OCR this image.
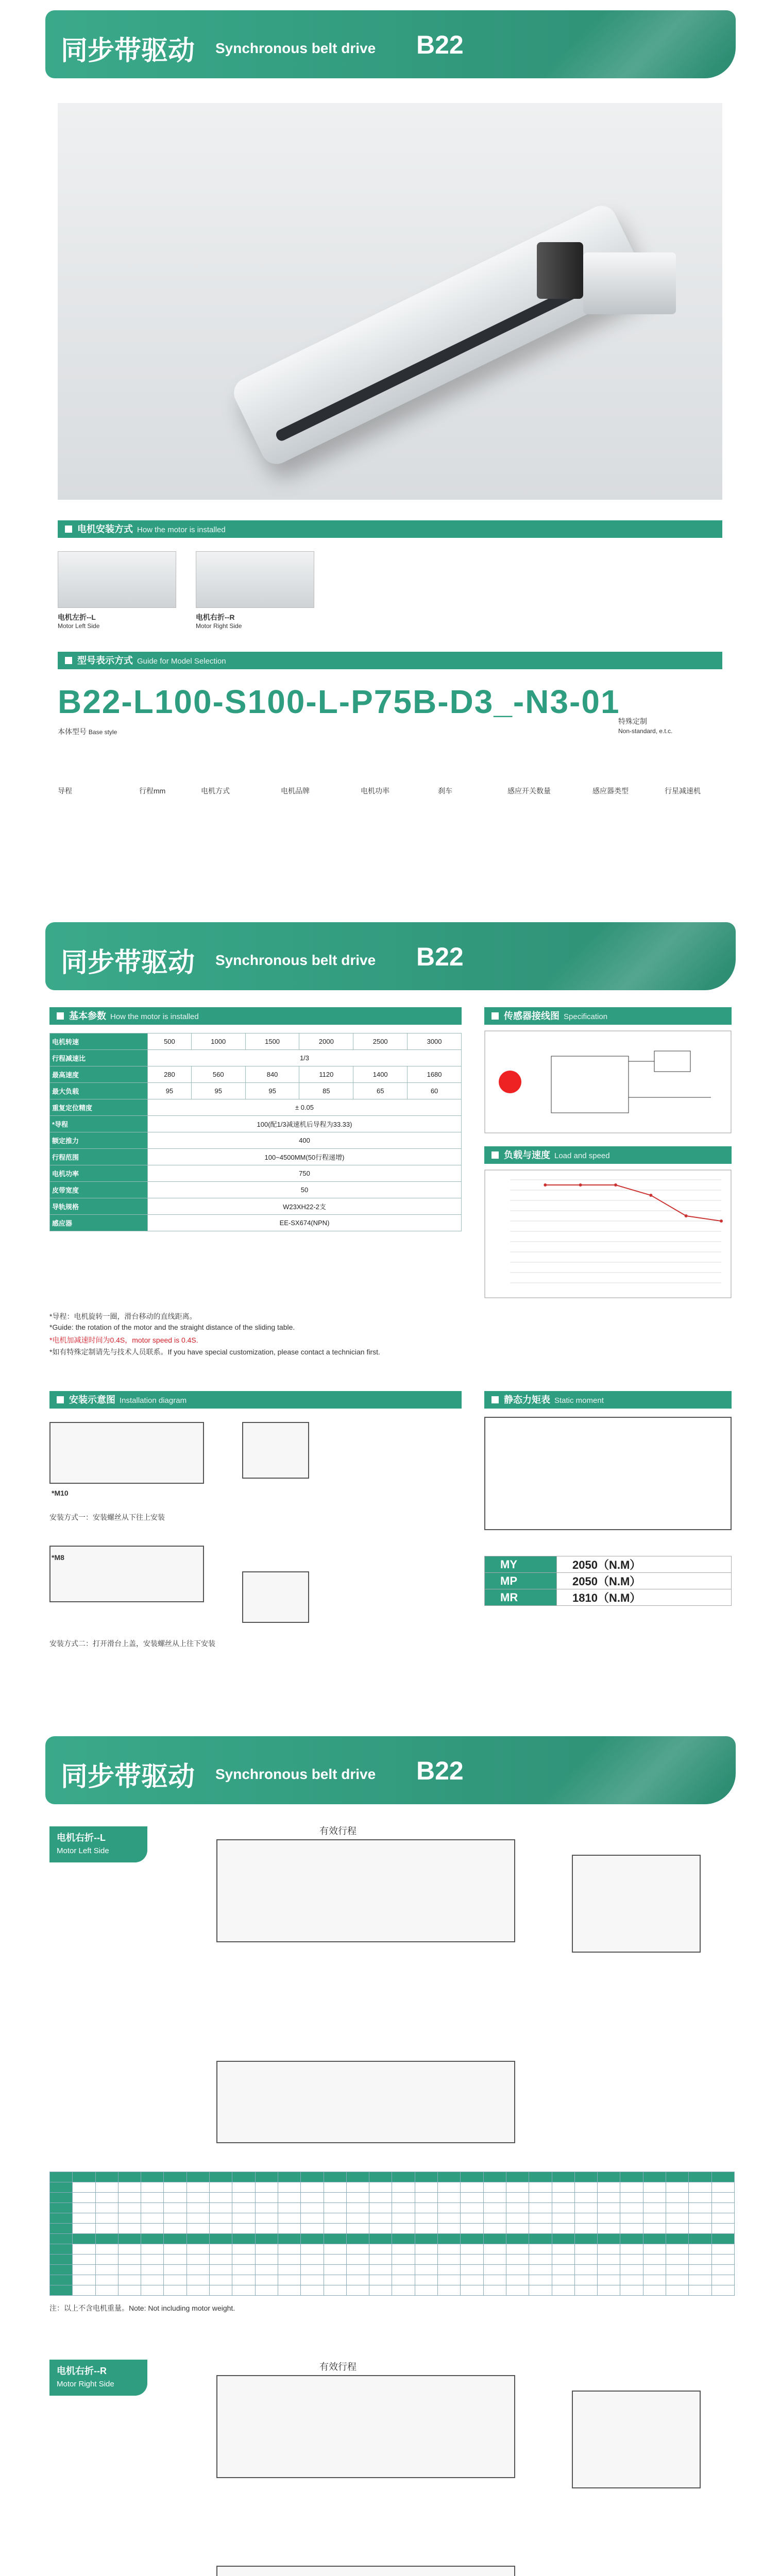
同步带驱动 Synchronous belt drive B22
电机安装方式 How the motor is installed
电机左折--L
Motor Left Side
电机右折--R
Motor Right Side
型号表示方式 Guide for Model Selection
B22-L100-S100-L-P75B-D3_-N3-01
本体型号 Base style
特殊定制
Non-standard, e.t.c.
导程	行程mm	电机方式	电机品牌	电机功率	刹车	感应开关数量	感应器类型	行星减速机
同步带驱动 Synchronous belt drive B22
基本参数 How the motor is installed
电机转速	500	1000	1500	2000	2500	3000
行程减速比	1/3					
最高速度	280	560	840	1120	1400	1680
最大负载	95	95	95	85	65	60
重复定位精度	± 0.05					
*导程	100(配1/3减速机后导程为33.33)					
额定推力	400					
行程范围	100~4500MM(50行程递增)					
电机功率	750					
皮带宽度	50					
导轨规格	W23XH22-2支					
感应器	EE-SX674(NPN)					
*导程：电机旋转一圈，滑台移动的直线距离。
*Guide: the rotation of the motor and the straight distance of the sliding table.
*电机加减速时间为0.4S，motor speed is 0.4S.
*如有特殊定制请先与技术人员联系。If you have special customization, please contact a technician first.
传感器接线图 Specification
负载与速度 Load and speed
安装示意图 Installation diagram
*M10
安装方式一：安装螺丝从下往上安装
*M8
安装方式二：打开滑台上盖，安装螺丝从上往下安装
静态力矩表 Static moment
MY	2050（N.M）
MP	2050（N.M）
MR	1810（N.M）
同步带驱动 Synchronous belt drive B22
电机右折--L
Motor Left Side
有效行程

注：以上不含电机重量。Note: Not including motor weight.
电机右折--R
Motor Right Side
有效行程
